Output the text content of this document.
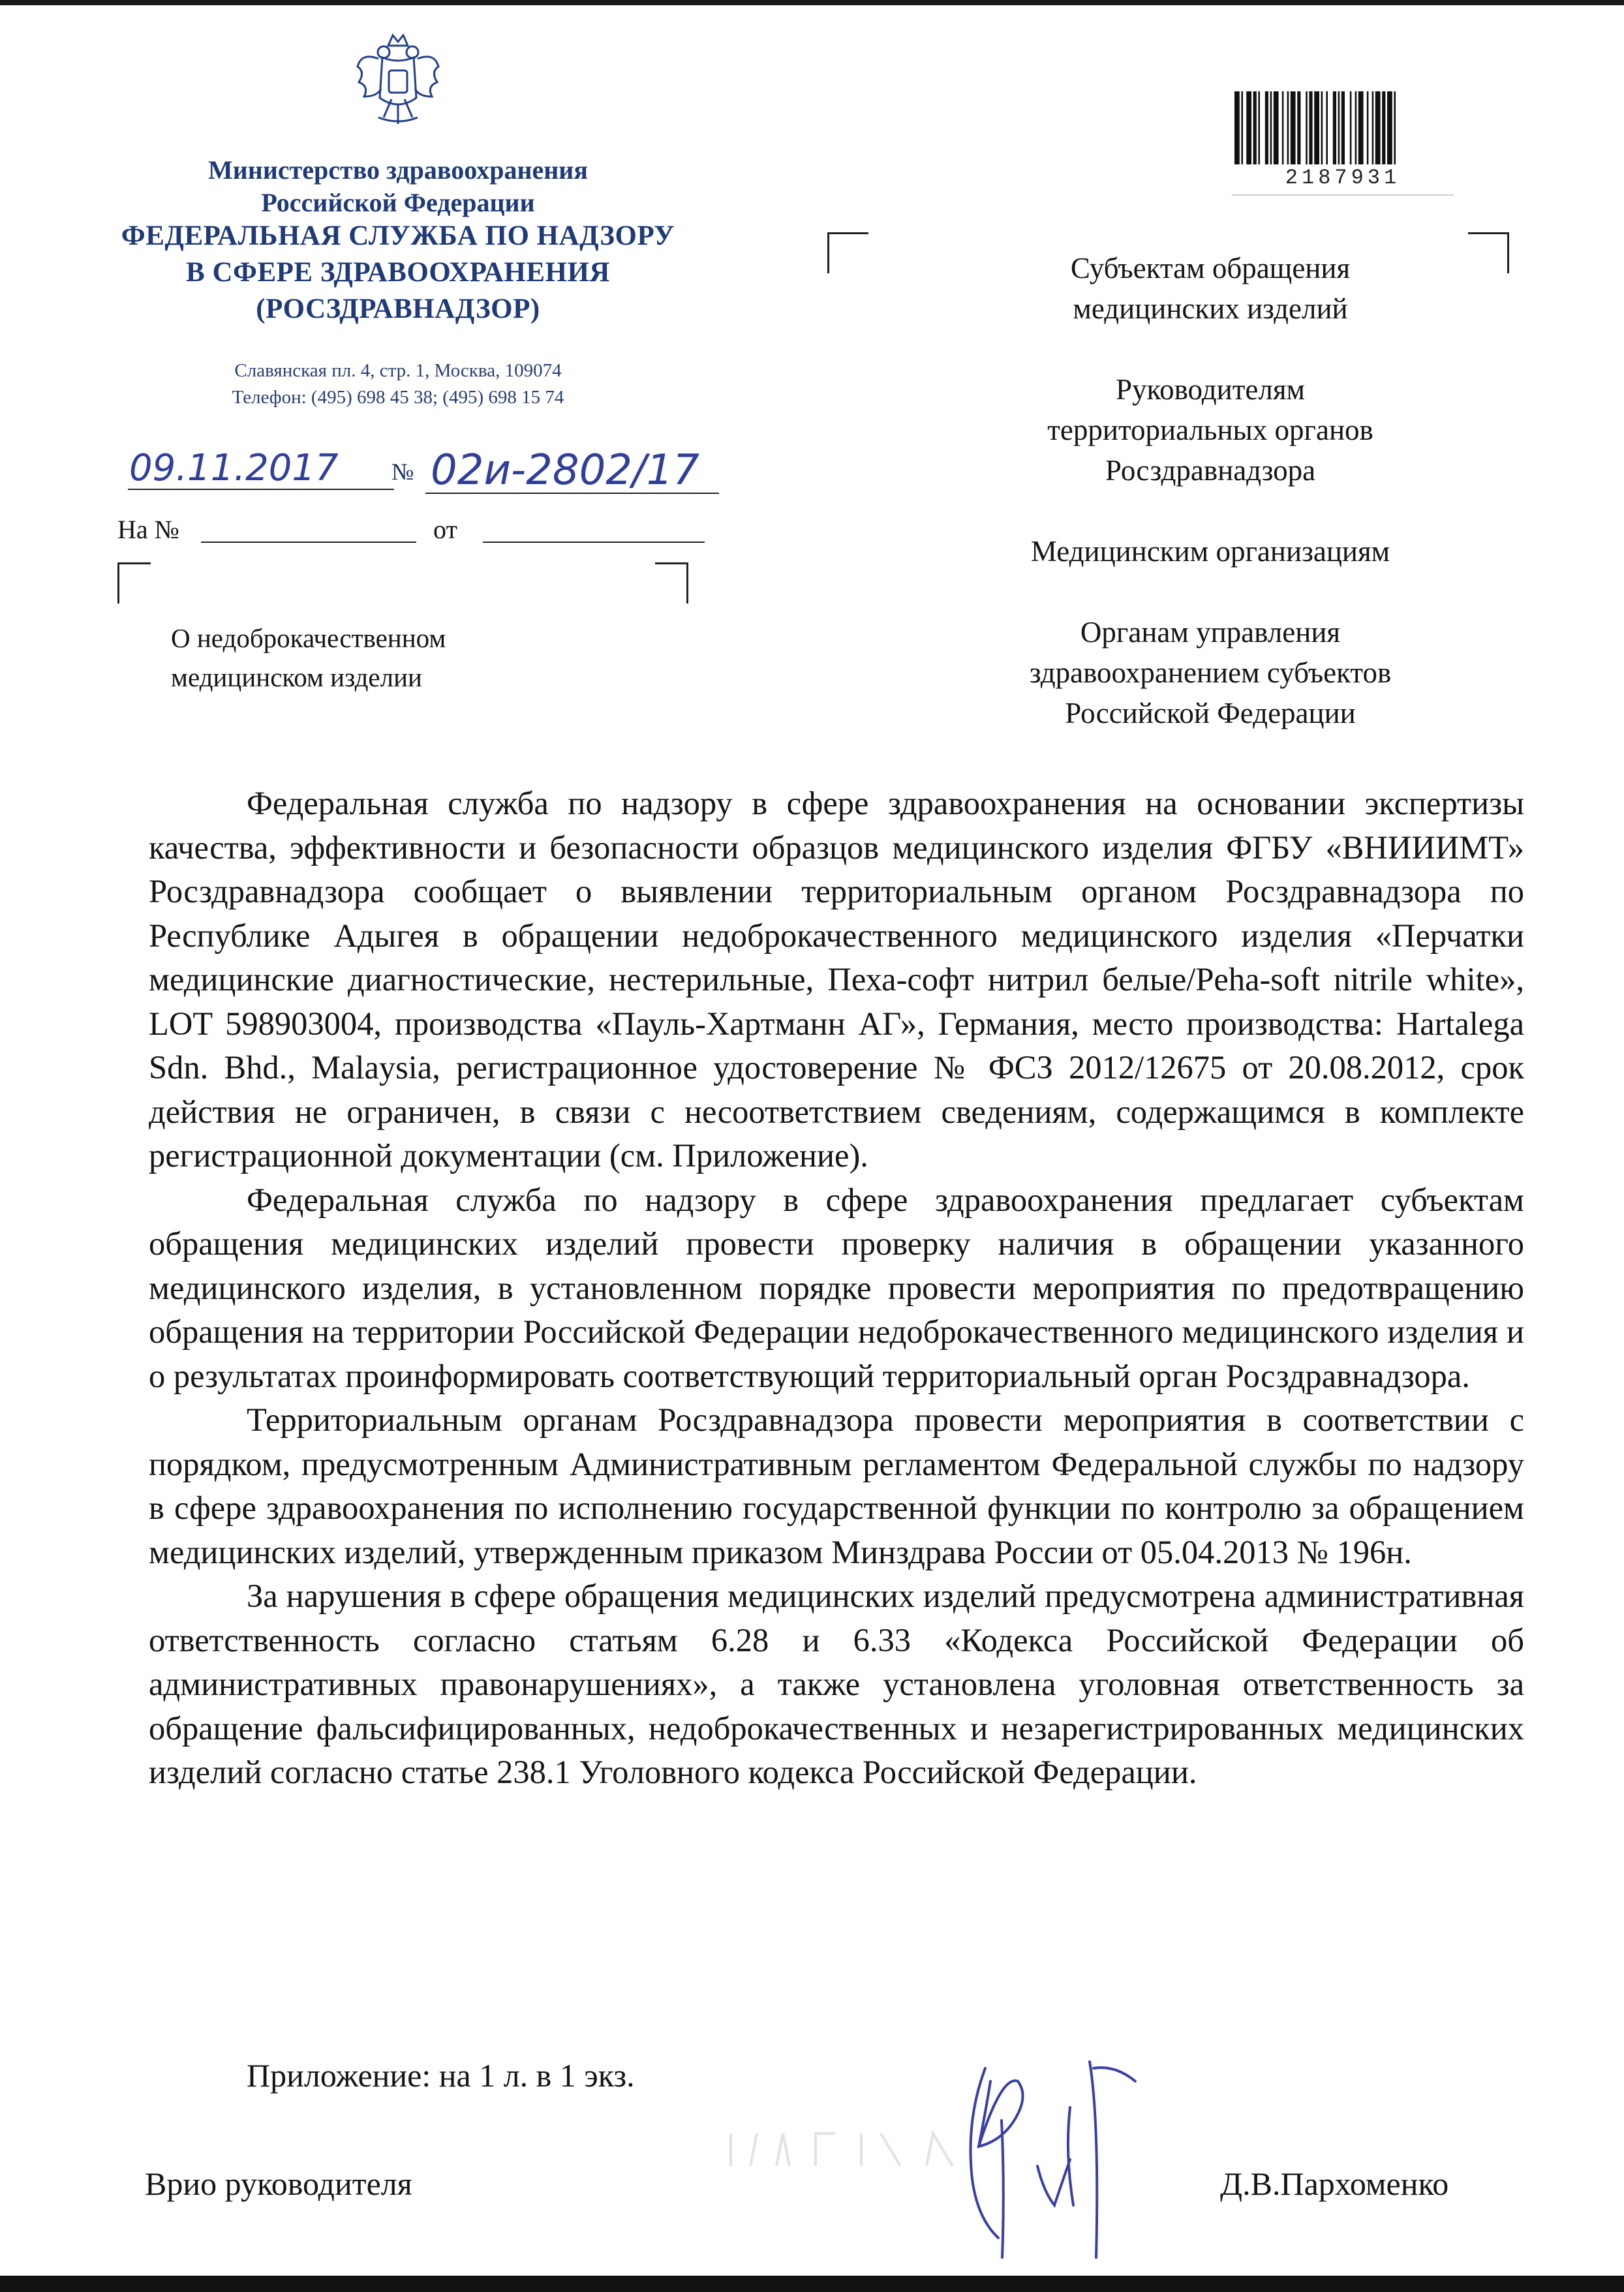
Министерство здравоохранения
Российской Федерации
ФЕДЕРАЛЬНАЯ СЛУЖБА ПО НАДЗОРУ
В СФЕРЕ ЗДРАВООХРАНЕНИЯ
(РОСЗДРАВНАДЗОР)
Славянская пл. 4, стр. 1, Москва, 109074
Телефон: (495) 698 45 38; (495) 698 15 74
09.11.2017 № 02и-2802/17
На №	от
О недоброкачественном
медицинском изделии
2187931
Субъектам обращения
медицинских изделий
Руководителям
территориальных органов
Росздравнадзора
Медицинским организациям
Органам управления
здравоохранением субъектов
Российской Федерации

Федеральная служба по надзору в сфере здравоохранения на основании экспертизы качества, эффективности и безопасности образцов медицинского изделия ФГБУ «ВНИИИМТ» Росздравнадзора сообщает о выявлении территориальным органом Росздравнадзора по Республике Адыгея в обращении недоброкачественного медицинского изделия «Перчатки медицинские диагностические, нестерильные, Пеха-софт нитрил белые/Peha-soft nitrile white», LOT 598903004, производства «Пауль-Хартманн АГ», Германия, место производства: Hartalega Sdn. Bhd., Malaysia, регистрационное удостоверение № ФСЗ 2012/12675 от 20.08.2012, срок действия не ограничен, в связи с несоответствием сведениям, содержащимся в комплекте регистрационной документации (см. Приложение).

Федеральная служба по надзору в сфере здравоохранения предлагает субъектам обращения медицинских изделий провести проверку наличия в обращении указанного медицинского изделия, в установленном порядке провести мероприятия по предотвращению обращения на территории Российской Федерации недоброкачественного медицинского изделия и о результатах проинформировать соответствующий территориальный орган Росздравнадзора.

Территориальным органам Росздравнадзора провести мероприятия в соответствии с порядком, предусмотренным Административным регламентом Федеральной службы по надзору в сфере здравоохранения по исполнению государственной функции по контролю за обращением медицинских изделий, утвержденным приказом Минздрава России от 05.04.2013 № 196н.

За нарушения в сфере обращения медицинских изделий предусмотрена административная ответственность согласно статьям 6.28 и 6.33 «Кодекса Российской Федерации об административных правонарушениях», а также установлена уголовная ответственность за обращение фальсифицированных, недоброкачественных и незарегистрированных медицинских изделий согласно статье 238.1 Уголовного кодекса Российской Федерации.

Приложение: на 1 л. в 1 экз.
Врио руководителя	Д.В.Пархоменко
